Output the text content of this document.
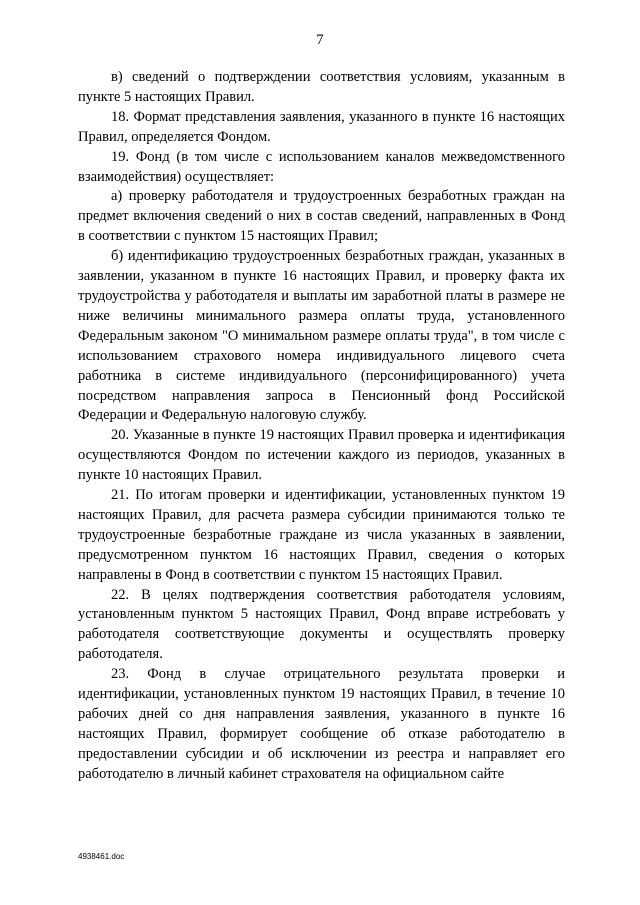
7

в) сведений о подтверждении соответствия условиям, указанным в пункте 5 настоящих Правил.

18. Формат представления заявления, указанного в пункте 16 настоящих Правил, определяется Фондом.

19. Фонд (в том числе с использованием каналов межведомственного взаимодействия) осуществляет:

а) проверку работодателя и трудоустроенных безработных граждан на предмет включения сведений о них в состав сведений, направленных в Фонд в соответствии с пунктом 15 настоящих Правил;

б) идентификацию трудоустроенных безработных граждан, указанных в заявлении, указанном в пункте 16 настоящих Правил, и проверку факта их трудоустройства у работодателя и выплаты им заработной платы в размере не ниже величины минимального размера оплаты труда, установленного Федеральным законом "О минимальном размере оплаты труда", в том числе с использованием страхового номера индивидуального лицевого счета работника в системе индивидуального (персонифицированного) учета посредством направления запроса в Пенсионный фонд Российской Федерации и Федеральную налоговую службу.

20. Указанные в пункте 19 настоящих Правил проверка и идентификация осуществляются Фондом по истечении каждого из периодов, указанных в пункте 10 настоящих Правил.

21. По итогам проверки и идентификации, установленных пунктом 19 настоящих Правил, для расчета размера субсидии принимаются только те трудоустроенные безработные граждане из числа указанных в заявлении, предусмотренном пунктом 16 настоящих Правил, сведения о которых направлены в Фонд в соответствии с пунктом 15 настоящих Правил.

22. В целях подтверждения соответствия работодателя условиям, установленным пунктом 5 настоящих Правил, Фонд вправе истребовать у работодателя соответствующие документы и осуществлять проверку работодателя.

23. Фонд в случае отрицательного результата проверки и идентификации, установленных пунктом 19 настоящих Правил, в течение 10 рабочих дней со дня направления заявления, указанного в пункте 16 настоящих Правил, формирует сообщение об отказе работодателю в предоставлении субсидии и об исключении из реестра и направляет его работодателю в личный кабинет страхователя на официальном сайте

4938461.doc
